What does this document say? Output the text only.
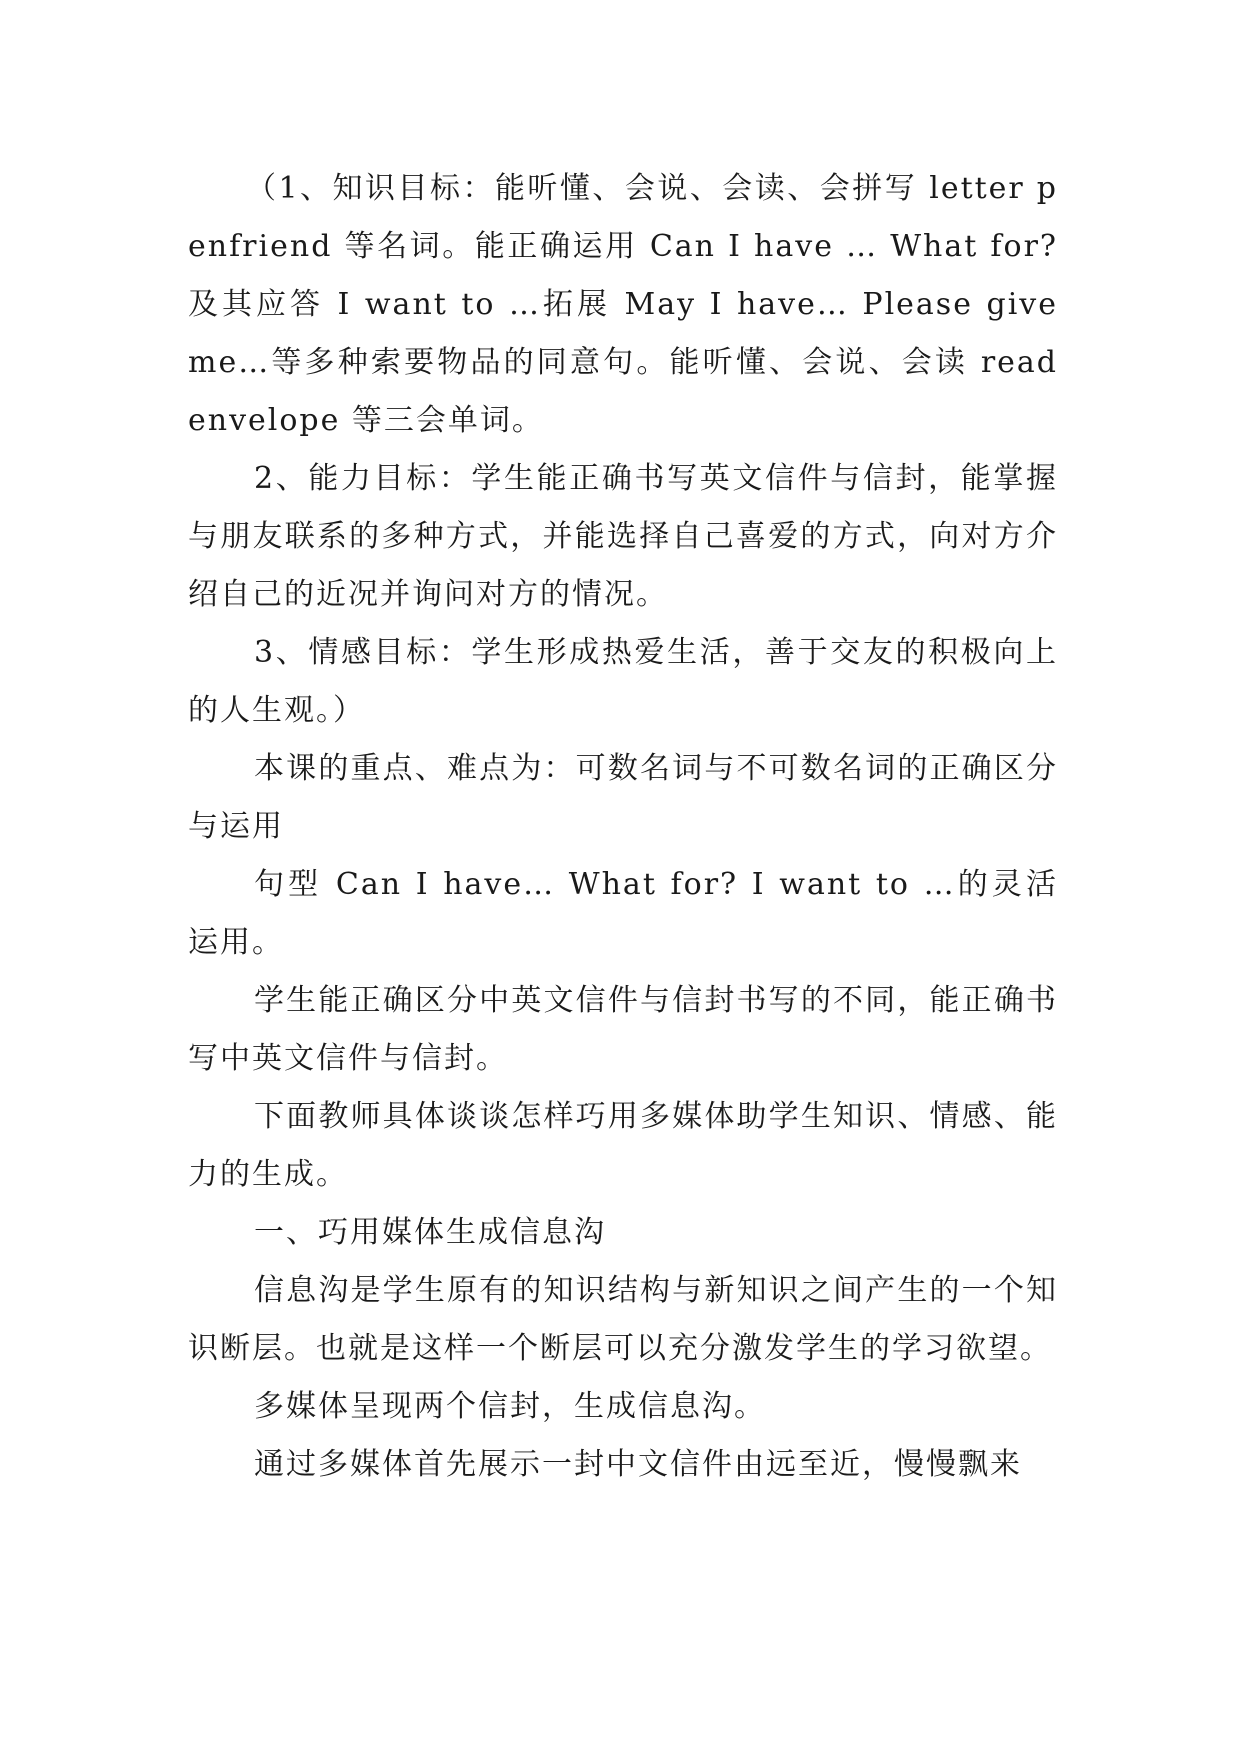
（1、知识目标：能听懂、会说、会读、会拼写 letter penfriend 等名词。能正确运用 Can I have … What for? 及其应答 I want to …拓展 May I have… Please give me…等多种索要物品的同意句。能听懂、会说、会读 read envelope 等三会单词。

2、能力目标：学生能正确书写英文信件与信封，能掌握与朋友联系的多种方式，并能选择自己喜爱的方式，向对方介绍自己的近况并询问对方的情况。

3、情感目标：学生形成热爱生活，善于交友的积极向上的人生观。）

本课的重点、难点为：可数名词与不可数名词的正确区分与运用

句型 Can I have… What for? I want to …的灵活运用。

学生能正确区分中英文信件与信封书写的不同，能正确书写中英文信件与信封。

下面教师具体谈谈怎样巧用多媒体助学生知识、情感、能力的生成。

一、巧用媒体生成信息沟

信息沟是学生原有的知识结构与新知识之间产生的一个知识断层。也就是这样一个断层可以充分激发学生的学习欲望。

多媒体呈现两个信封，生成信息沟。

通过多媒体首先展示一封中文信件由远至近，慢慢飘来
